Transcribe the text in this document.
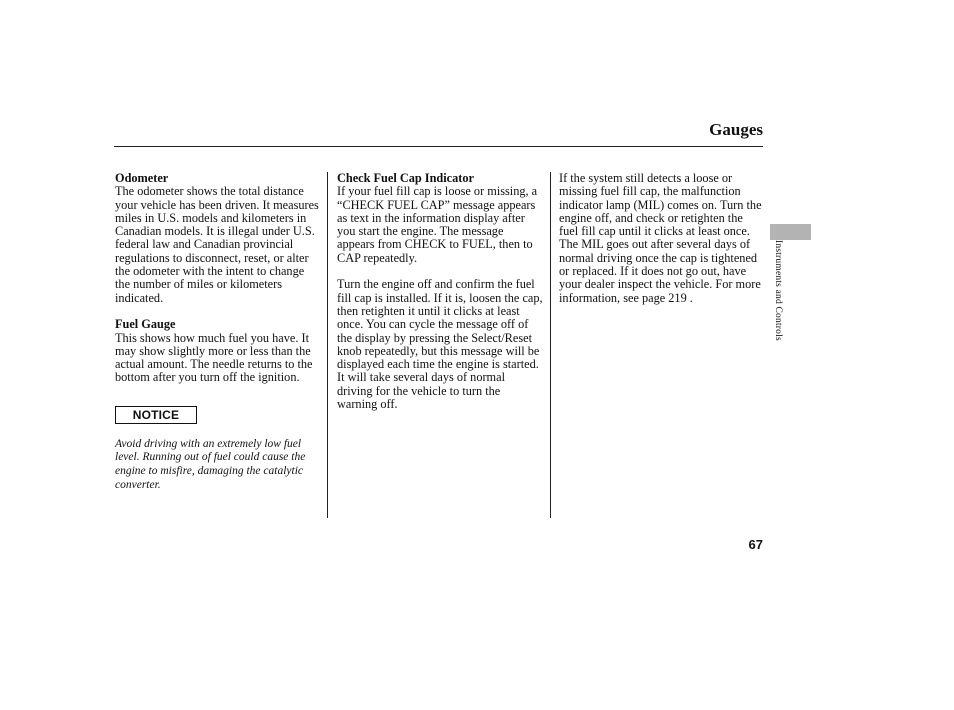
Gauges
Instruments and Controls
Odometer
The odometer shows the total distance your vehicle has been driven. It measures miles in U.S. models and kilometers in Canadian models. It is illegal under U.S. federal law and Canadian provincial regulations to disconnect, reset, or alter the odometer with the intent to change the number of miles or kilometers indicated.
Fuel Gauge
This shows how much fuel you have. It may show slightly more or less than the actual amount. The needle returns to the bottom after you turn off the ignition.
NOTICE
Avoid driving with an extremely low fuel level. Running out of fuel could cause the engine to misfire, damaging the catalytic converter.
Check Fuel Cap Indicator
If your fuel fill cap is loose or missing, a “CHECK FUEL CAP” message appears as text in the information display after you start the engine. The message appears from CHECK to FUEL, then to CAP repeatedly.
Turn the engine off and confirm the fuel fill cap is installed. If it is, loosen the cap, then retighten it until it clicks at least once. You can cycle the message off of the display by pressing the Select/Reset knob repeatedly, but this message will be displayed each time the engine is started. It will take several days of normal driving for the vehicle to turn the warning off.
If the system still detects a loose or missing fuel fill cap, the malfunction indicator lamp (MIL) comes on. Turn the engine off, and check or retighten the fuel fill cap until it clicks at least once. The MIL goes out after several days of normal driving once the cap is tightened or replaced. If it does not go out, have your dealer inspect the vehicle. For more information, see page 219 .
67
